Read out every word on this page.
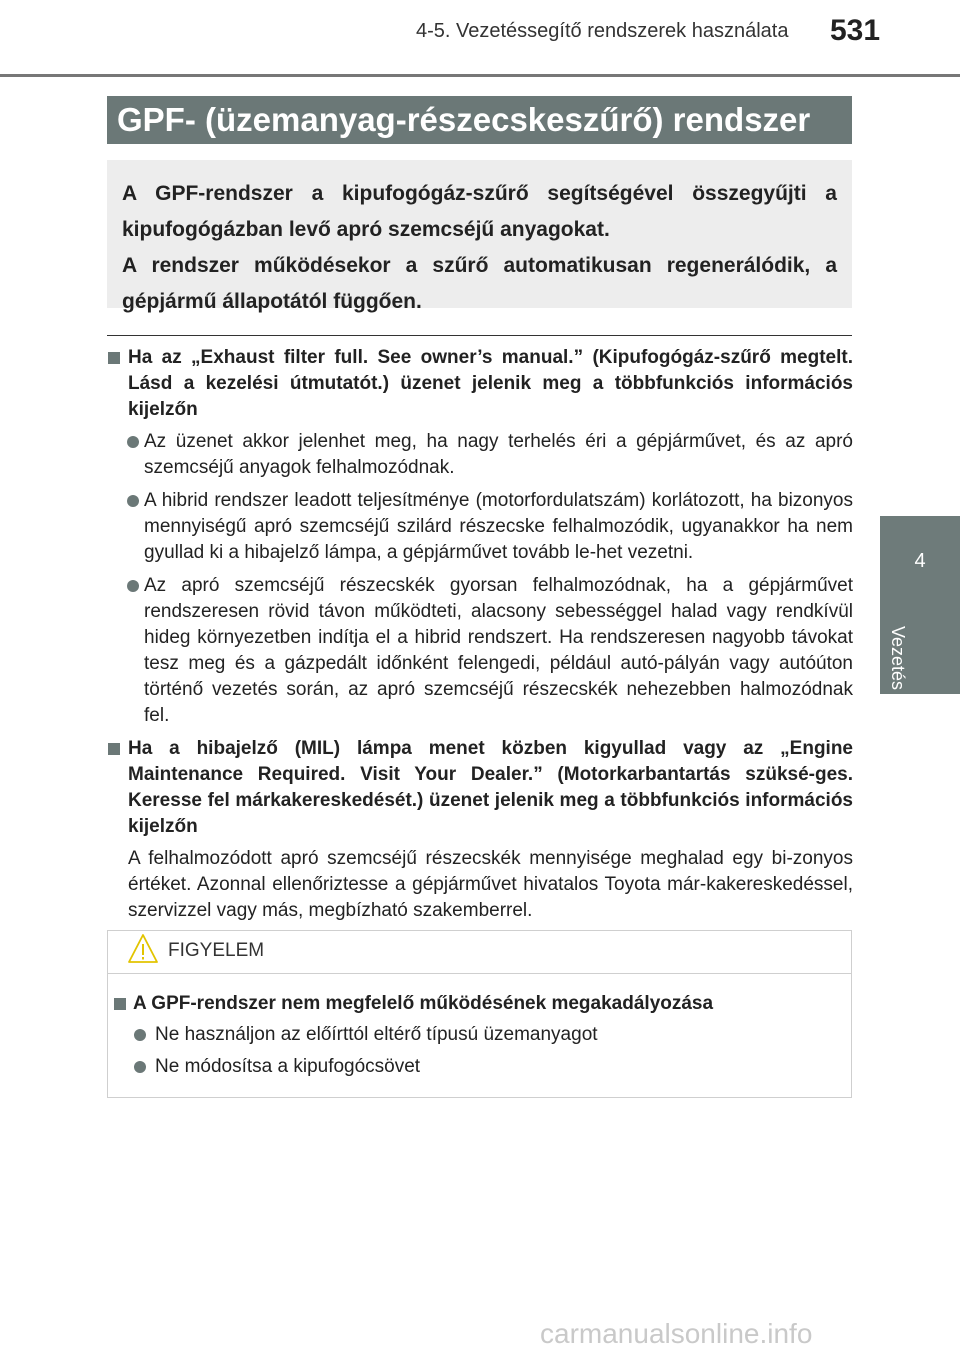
4-5. Vezetéssegítő rendszerek használata 531
4
Vezetés
GPF- (üzemanyag-részecskeszűrő) rendszer

A GPF-rendszer a kipufogógáz-szűrő segítségével összegyűjti a kipufogógázban levő apró szemcséjű anyagokat.

A rendszer működésekor a szűrő automatikusan regenerálódik, a gépjármű állapotától függően.

Ha az „Exhaust filter full. See owner’s manual.” (Kipufogógáz-szűrő megtelt. Lásd a kezelési útmutatót.) üzenet jelenik meg a többfunkciós információs kijelzőn
Az üzenet akkor jelenhet meg, ha nagy terhelés éri a gépjárművet, és az apró szemcséjű anyagok felhalmozódnak.
A hibrid rendszer leadott teljesítménye (motorfordulatszám) korlátozott, ha bizonyos mennyiségű apró szemcséjű szilárd részecske felhalmozódik, ugyanakkor ha nem gyullad ki a hibajelző lámpa, a gépjárművet tovább le-het vezetni.
Az apró szemcséjű részecskék gyorsan felhalmozódnak, ha a gépjárművet rendszeresen rövid távon működteti, alacsony sebességgel halad vagy rendkívül hideg környezetben indítja el a hibrid rendszert. Ha rendszeresen nagyobb távokat tesz meg és a gázpedált időnként felengedi, például autó-pályán vagy autóúton történő vezetés során, az apró szemcséjű részecskék nehezebben halmozódnak fel.
Ha a hibajelző (MIL) lámpa menet közben kigyullad vagy az „Engine Maintenance Required. Visit Your Dealer.” (Motorkarbantartás szüksé-ges. Keresse fel márkakereskedését.) üzenet jelenik meg a többfunkciós információs kijelzőn
A felhalmozódott apró szemcséjű részecskék mennyisége meghalad egy bi-zonyos értéket. Azonnal ellenőriztesse a gépjárművet hivatalos Toyota már-kakereskedéssel, szervizzel vagy más, megbízható szakemberrel.
FIGYELEM
A GPF-rendszer nem megfelelő működésének megakadályozása
Ne használjon az előírttól eltérő típusú üzemanyagot
Ne módosítsa a kipufogócsövet
carmanualsonline.info
